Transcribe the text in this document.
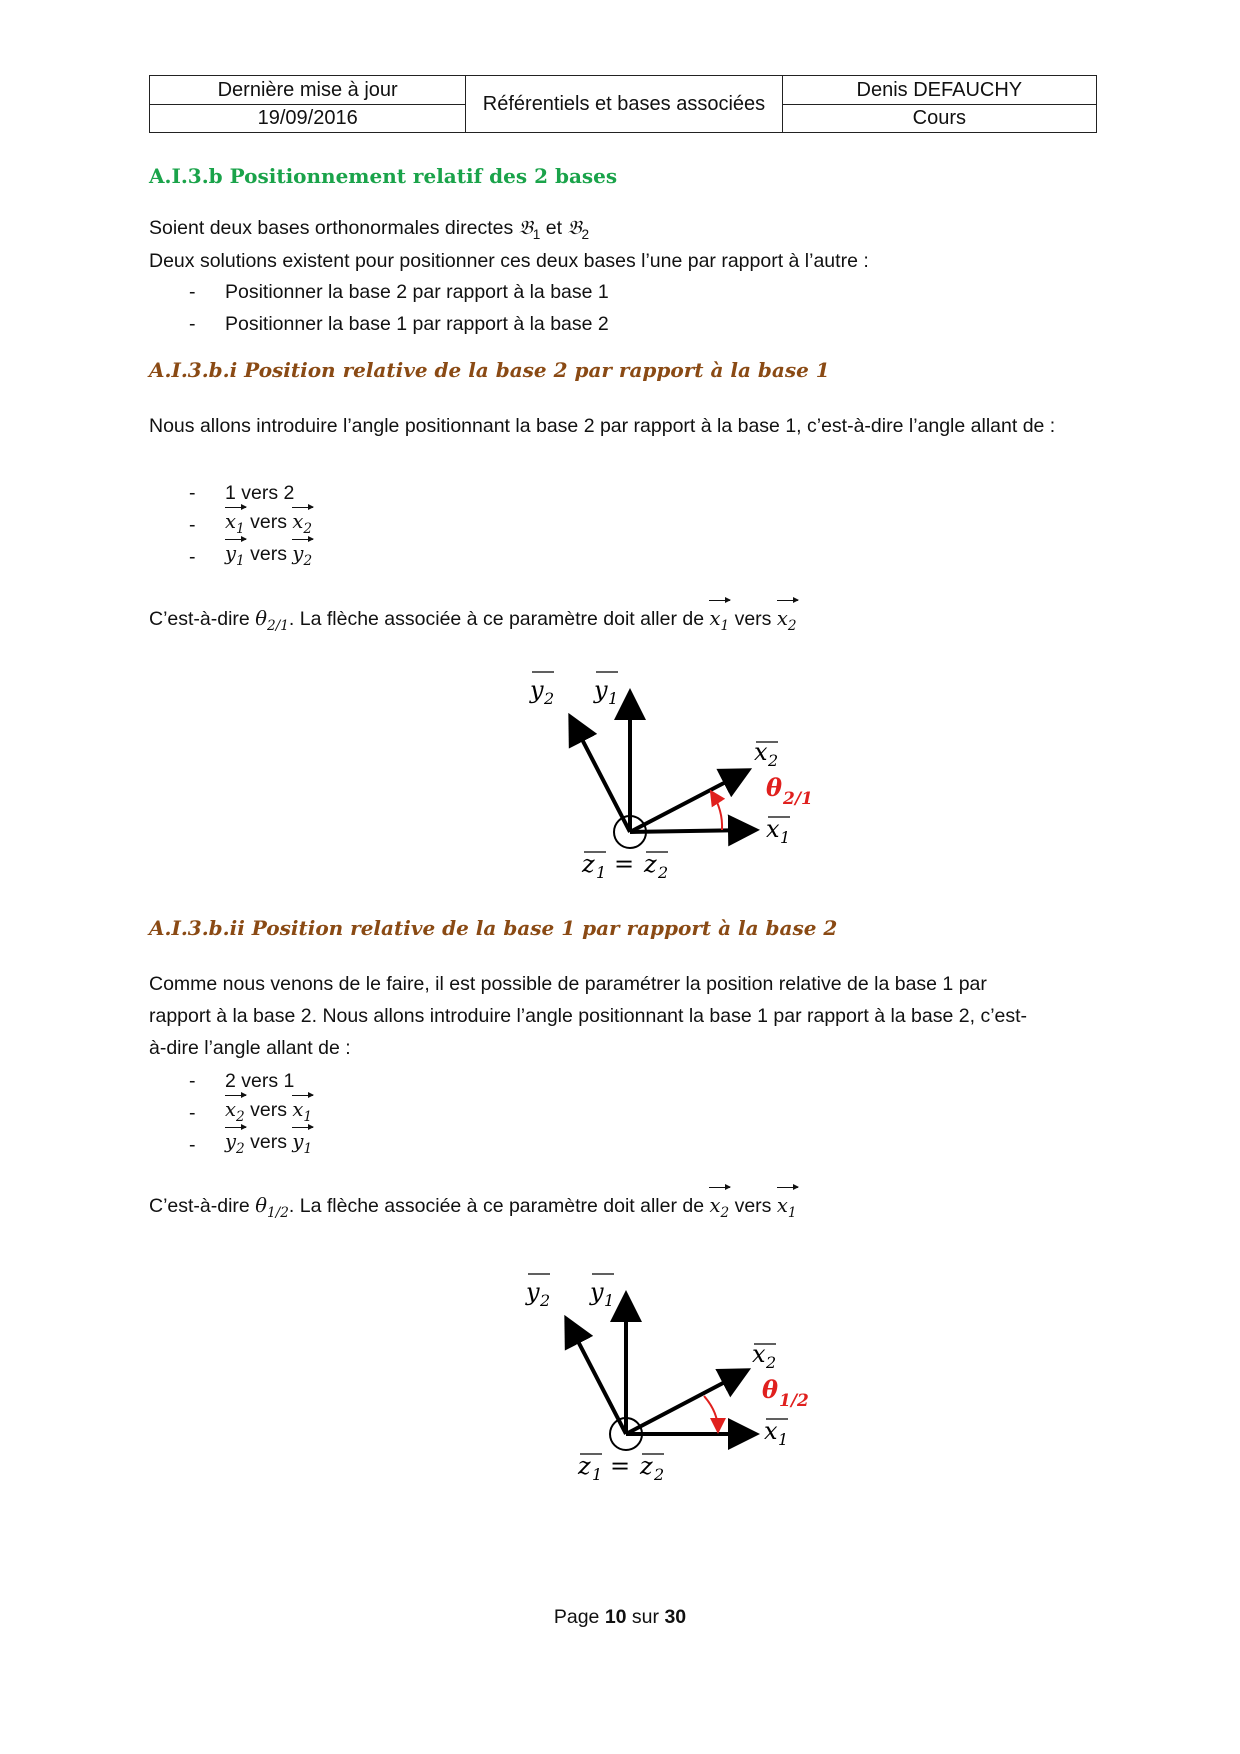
Dernière mise à jour	Référentiels et bases associées	Denis DEFAUCHY
19/09/2016		Cours
A.I.3.b Positionnement relatif des 2 bases
Soient deux bases orthonormales directes 𝔅$_1$ et 𝔅$_2$
Deux solutions existent pour positionner ces deux bases l’une par rapport à l’autre :
- Positionner la base 2 par rapport à la base 1
- Positionner la base 1 par rapport à la base 2
A.I.3.b.i Position relative de la base 2 par rapport à la base 1
Nous allons introduire l’angle positionnant la base 2 par rapport à la base 1, c’est-à-dire l’angle allant de :
- 1 vers 2
- $x_1$ vers $x_2$
- $y_1$ vers $y_2$
C’est-à-dire $\theta_{2/1}$. La flèche associée à ce paramètre doit aller de $x_1$ vers $x_2$
y 2 y 1
x 2
θ 2/1
x 1
z 1 = z 2
A.I.3.b.ii Position relative de la base 1 par rapport à la base 2
Comme nous venons de le faire, il est possible de paramétrer la position relative de la base 1 par
rapport à la base 2. Nous allons introduire l’angle positionnant la base 1 par rapport à la base 2, c’est-
à-dire l’angle allant de :
- 2 vers 1
- $x_2$ vers $x_1$
- $y_2$ vers $y_1$
C’est-à-dire $\theta_{1/2}$. La flèche associée à ce paramètre doit aller de $x_2$ vers $x_1$
y 2 y 1
x 2
θ 1/2
x 1
z 1 = z 2
Page 10 sur 30
